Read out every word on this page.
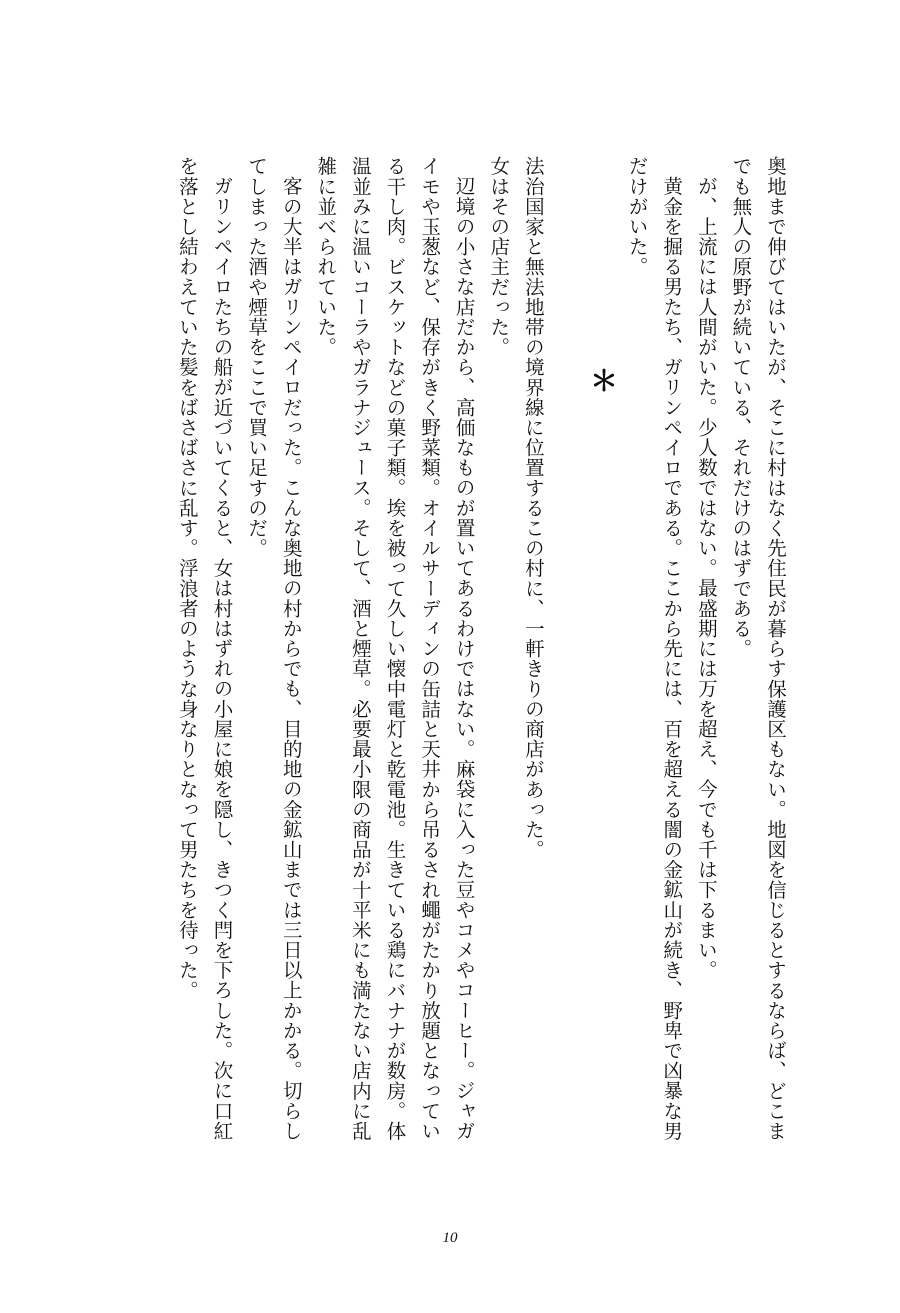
奥地まで伸びてはいたが、そこに村はなく先住民が暮らす保護区もない。地図を信じるとするならば、どこまでも無人の原野が続いている、それだけのはずである。

が、上流には人間がいた。少人数ではない。最盛期には万を超え、今でも千は下るまい。

黄金を掘る男たち、ガリンペイロである。ここから先には、百を超える闇の金鉱山が続き、野卑で凶暴な男だけがいた。

＊

法治国家と無法地帯の境界線に位置するこの村に、一軒きりの商店があった。

女はその店主だった。

辺境の小さな店だから、高価なものが置いてあるわけではない。麻袋に入った豆やコメやコーヒー。ジャガイモや玉葱など、保存がきく野菜類。オイルサーディンの缶詰と天井から吊るされ蠅がたかり放題となっている干し肉。ビスケットなどの菓子類。埃を被って久しい懐中電灯と乾電池。生きている鶏にバナナが数房。体温並みに温いコーラやガラナジュース。そして、酒と煙草。必要最小限の商品が十平米にも満たない店内に乱雑に並べられていた。

客の大半はガリンペイロだった。こんな奥地の村からでも、目的地の金鉱山までは三日以上かかる。切らしてしまった酒や煙草をここで買い足すのだ。

ガリンペイロたちの船が近づいてくると、女は村はずれの小屋に娘を隠し、きつく閂を下ろした。次に口紅を落とし結わえていた髪をばさばさに乱す。浮浪者のような身なりとなって男たちを待った。

10
